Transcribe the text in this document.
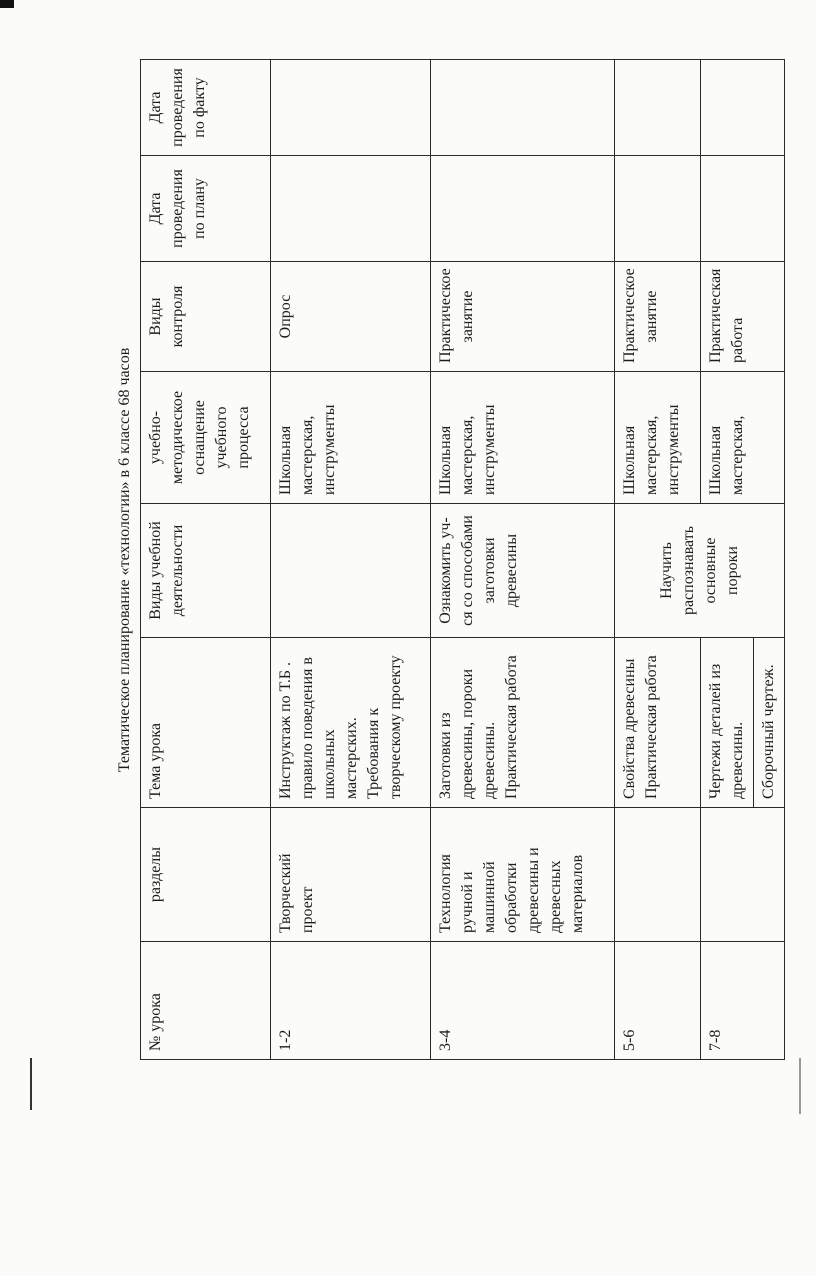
Тематическое планирование «технологии» в 6 классе 68 часов
№ урока	разделы	Тема урока	Виды учебной деятельности	учебно-методическое оснащение учебного процесса	Виды контроля	Дата проведения по плану	Дата проведения по факту
1-2	Творческий проект	Инструктаж по Т.Б . правило поведения в школьных мастерских. Требования к творческому проекту		Школьная мастерская, инструменты	Опрос		
3-4	Технология ручной и машинной обработки древесины и древесных материалов	Заготовки из древесины, пороки древесины. Практическая работа	Ознакомить уч-ся со способами заготовки древесины	Школьная мастерская, инструменты	Практическое занятие		
5-6		Свойства древесины Практическая работа	Научить распознавать основные пороки	Школьная мастерская, инструменты	Практическое занятие		
7-8		Чертежи деталей из древесины. Сборочный чертеж.		Школьная мастерская,	Практическая работа		
